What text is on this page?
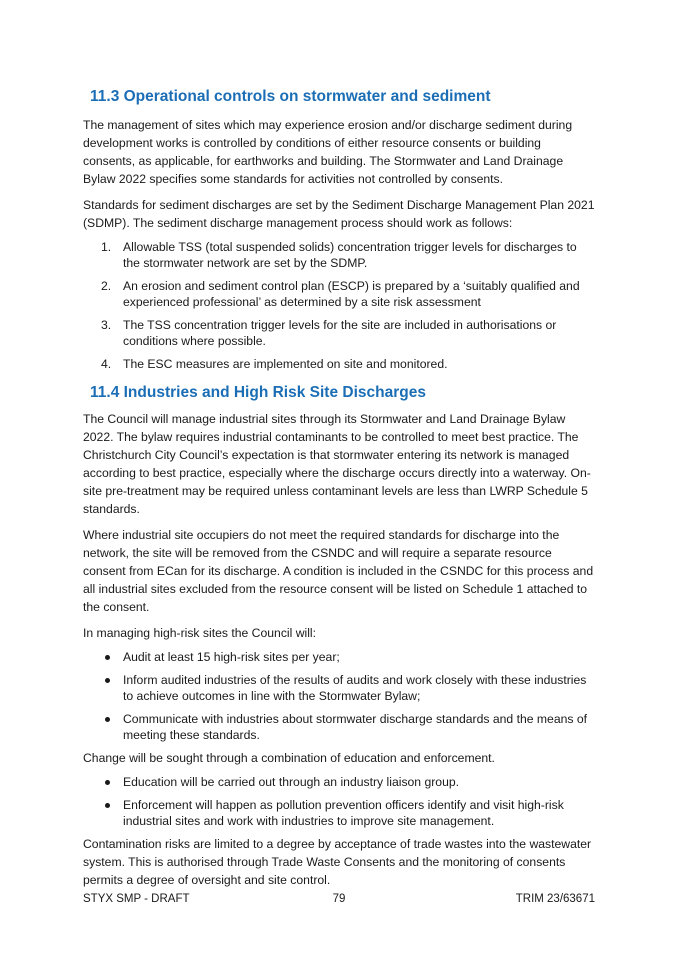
11.3 Operational controls on stormwater and sediment

The management of sites which may experience erosion and/or discharge sediment during development works is controlled by conditions of either resource consents or building consents, as applicable, for earthworks and building. The Stormwater and Land Drainage Bylaw 2022 specifies some standards for activities not controlled by consents.

Standards for sediment discharges are set by the Sediment Discharge Management Plan 2021 (SDMP). The sediment discharge management process should work as follows:

1. Allowable TSS (total suspended solids) concentration trigger levels for discharges to the stormwater network are set by the SDMP.
2. An erosion and sediment control plan (ESCP) is prepared by a ‘suitably qualified and experienced professional’ as determined by a site risk assessment
3. The TSS concentration trigger levels for the site are included in authorisations or conditions where possible.
4. The ESC measures are implemented on site and monitored.
11.4 Industries and High Risk Site Discharges

The Council will manage industrial sites through its Stormwater and Land Drainage Bylaw 2022. The bylaw requires industrial contaminants to be controlled to meet best practice. The Christchurch City Council’s expectation is that stormwater entering its network is managed according to best practice, especially where the discharge occurs directly into a waterway. On-site pre-treatment may be required unless contaminant levels are less than LWRP Schedule 5 standards.

Where industrial site occupiers do not meet the required standards for discharge into the network, the site will be removed from the CSNDC and will require a separate resource consent from ECan for its discharge. A condition is included in the CSNDC for this process and all industrial sites excluded from the resource consent will be listed on Schedule 1 attached to the consent.

In managing high-risk sites the Council will:

Audit at least 15 high-risk sites per year;
Inform audited industries of the results of audits and work closely with these industries to achieve outcomes in line with the Stormwater Bylaw;
Communicate with industries about stormwater discharge standards and the means of meeting these standards.

Change will be sought through a combination of education and enforcement.

Education will be carried out through an industry liaison group.
Enforcement will happen as pollution prevention officers identify and visit high-risk industrial sites and work with industries to improve site management.

Contamination risks are limited to a degree by acceptance of trade wastes into the wastewater system. This is authorised through Trade Waste Consents and the monitoring of consents permits a degree of oversight and site control.

STYX SMP - DRAFT	79	TRIM 23/63671
